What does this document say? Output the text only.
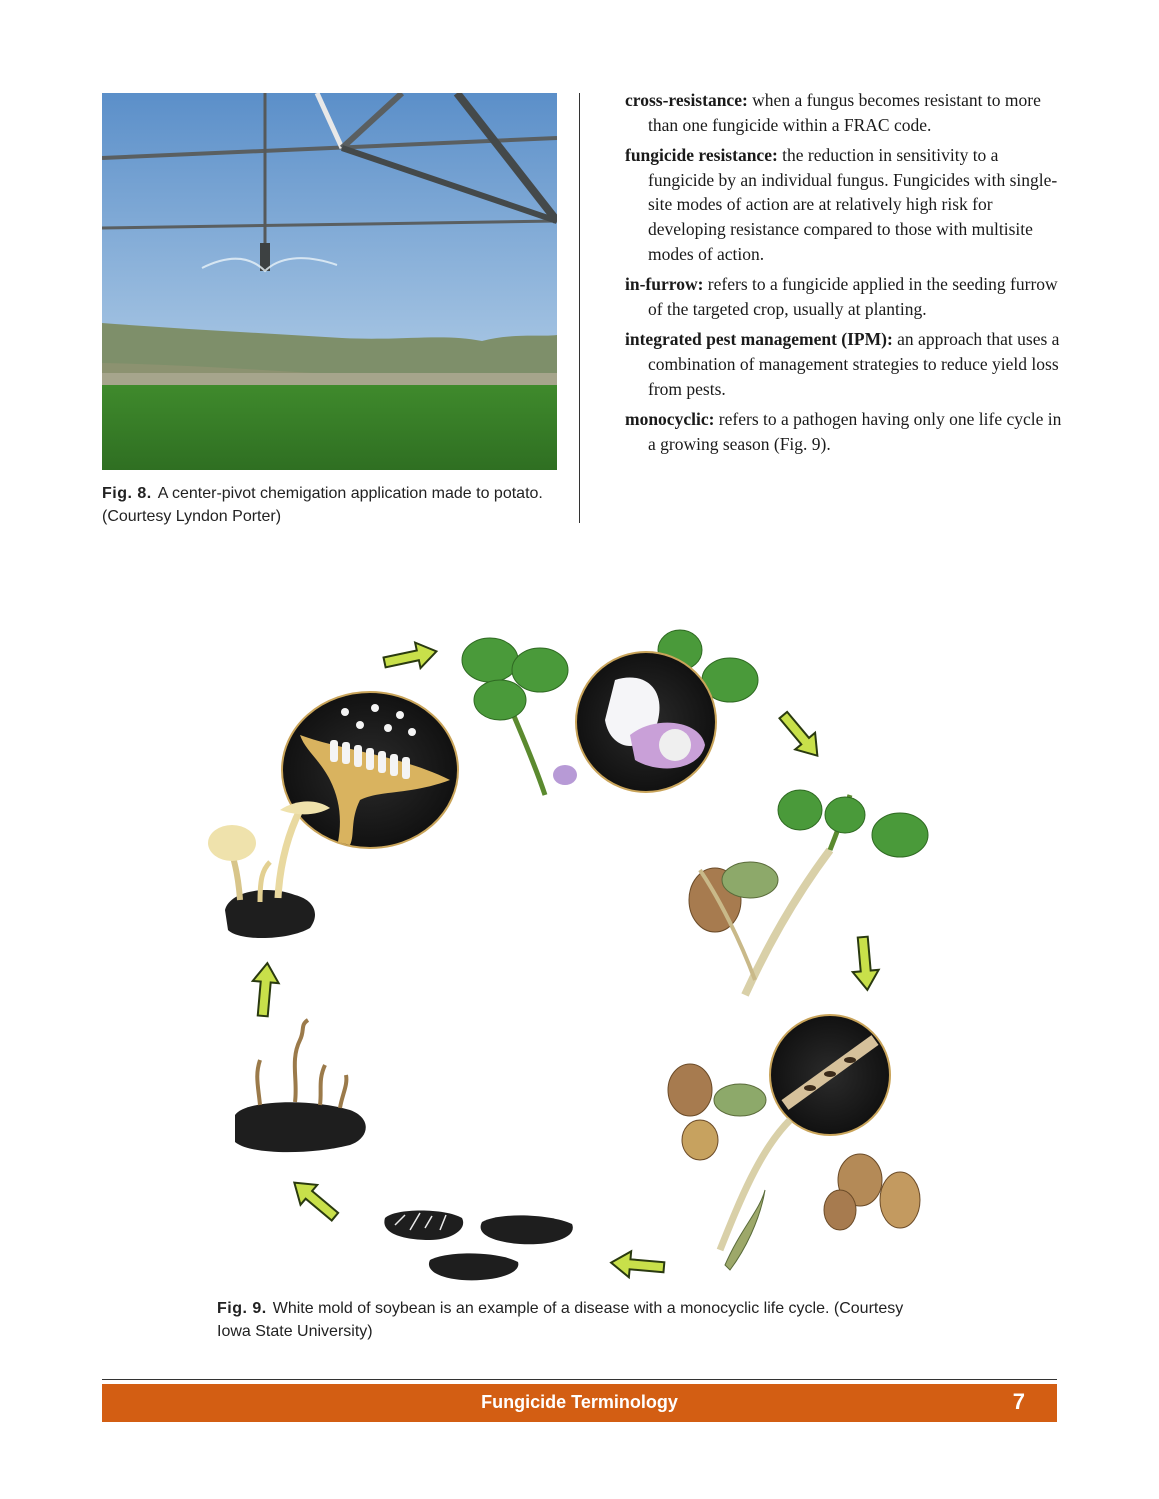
Fig. 8. A center-pivot chemigation application made to potato. (Courtesy Lyndon Porter)

cross-resistance: when a fungus becomes resistant to more than one fungicide within a FRAC code.

fungicide resistance: the reduction in sensitivity to a fungicide by an individual fungus. Fungicides with single-site modes of action are at relatively high risk for developing resistance compared to those with multisite modes of action.

in-furrow: refers to a fungicide applied in the seeding furrow of the targeted crop, usually at planting.

integrated pest management (IPM): an approach that uses a combination of management strategies to reduce yield loss from pests.

monocyclic: refers to a pathogen having only one life cycle in a growing season (Fig. 9).

Fig. 9. White mold of soybean is an example of a disease with a monocyclic life cycle. (Courtesy Iowa State University)
Fungicide Terminology	7
